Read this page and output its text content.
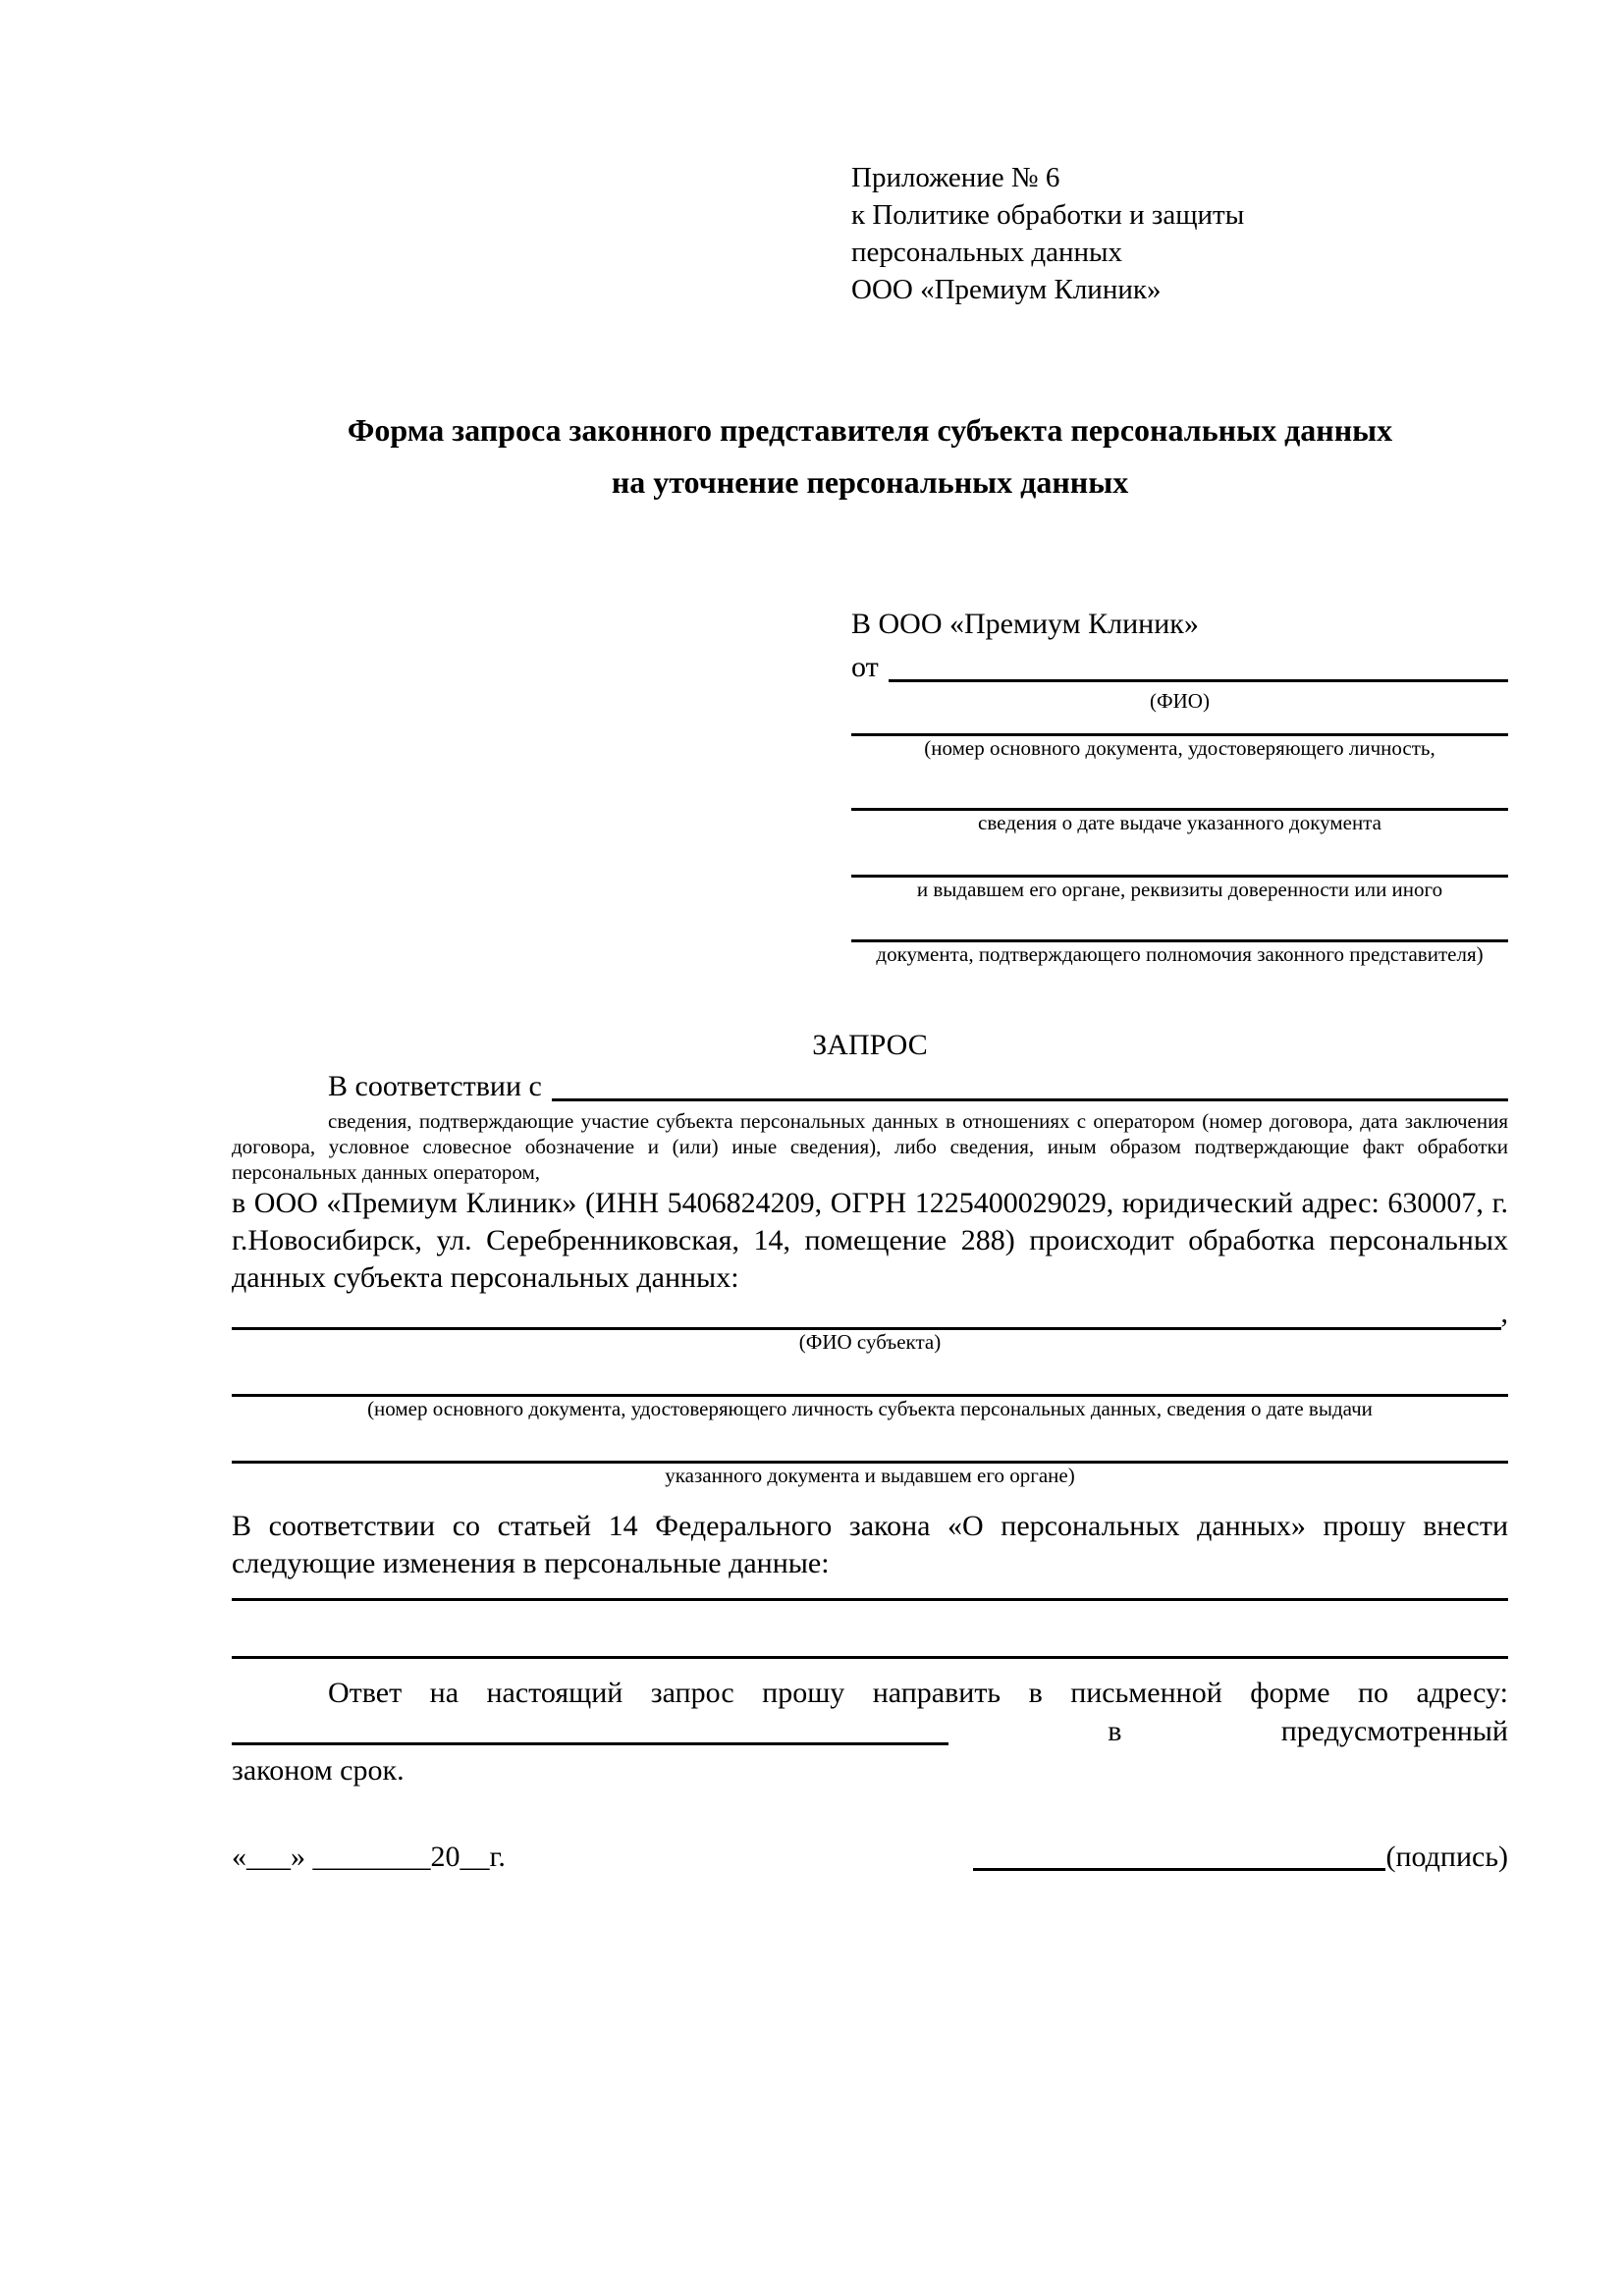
Приложение № 6
к Политике обработки и защиты
персональных данных
ООО «Премиум Клиник»
Форма запроса законного представителя субъекта персональных данных
на уточнение персональных данных
В ООО «Премиум Клиник»
от
(ФИО)
(номер основного документа, удостоверяющего личность,
сведения о дате выдаче указанного документа
и выдавшем его органе, реквизиты доверенности или иного
документа, подтверждающего полномочия законного представителя)
ЗАПРОС
В соответствии с
сведения, подтверждающие участие субъекта персональных данных в отношениях с оператором (номер договора, дата заключения договора, условное словесное обозначение и (или) иные сведения), либо сведения, иным образом подтверждающие факт обработки персональных данных оператором,
в ООО «Премиум Клиник» (ИНН 5406824209, ОГРН 1225400029029, юридический адрес: 630007, г. г.Новосибирск, ул. Серебренниковская, 14, помещение 288) происходит обработка персональных данных субъекта персональных данных:
,
(ФИО субъекта)
(номер основного документа, удостоверяющего личность субъекта персональных данных, сведения о дате выдачи
указанного документа и выдавшем его органе)
В соответствии со статьей 14 Федерального закона «О персональных данных» прошу внести следующие изменения в персональные данные:
Ответ на настоящий запрос прошу направить в письменной форме по адресу:
в	предусмотренный
законом срок.
«___» ________20__г.	(подпись)
